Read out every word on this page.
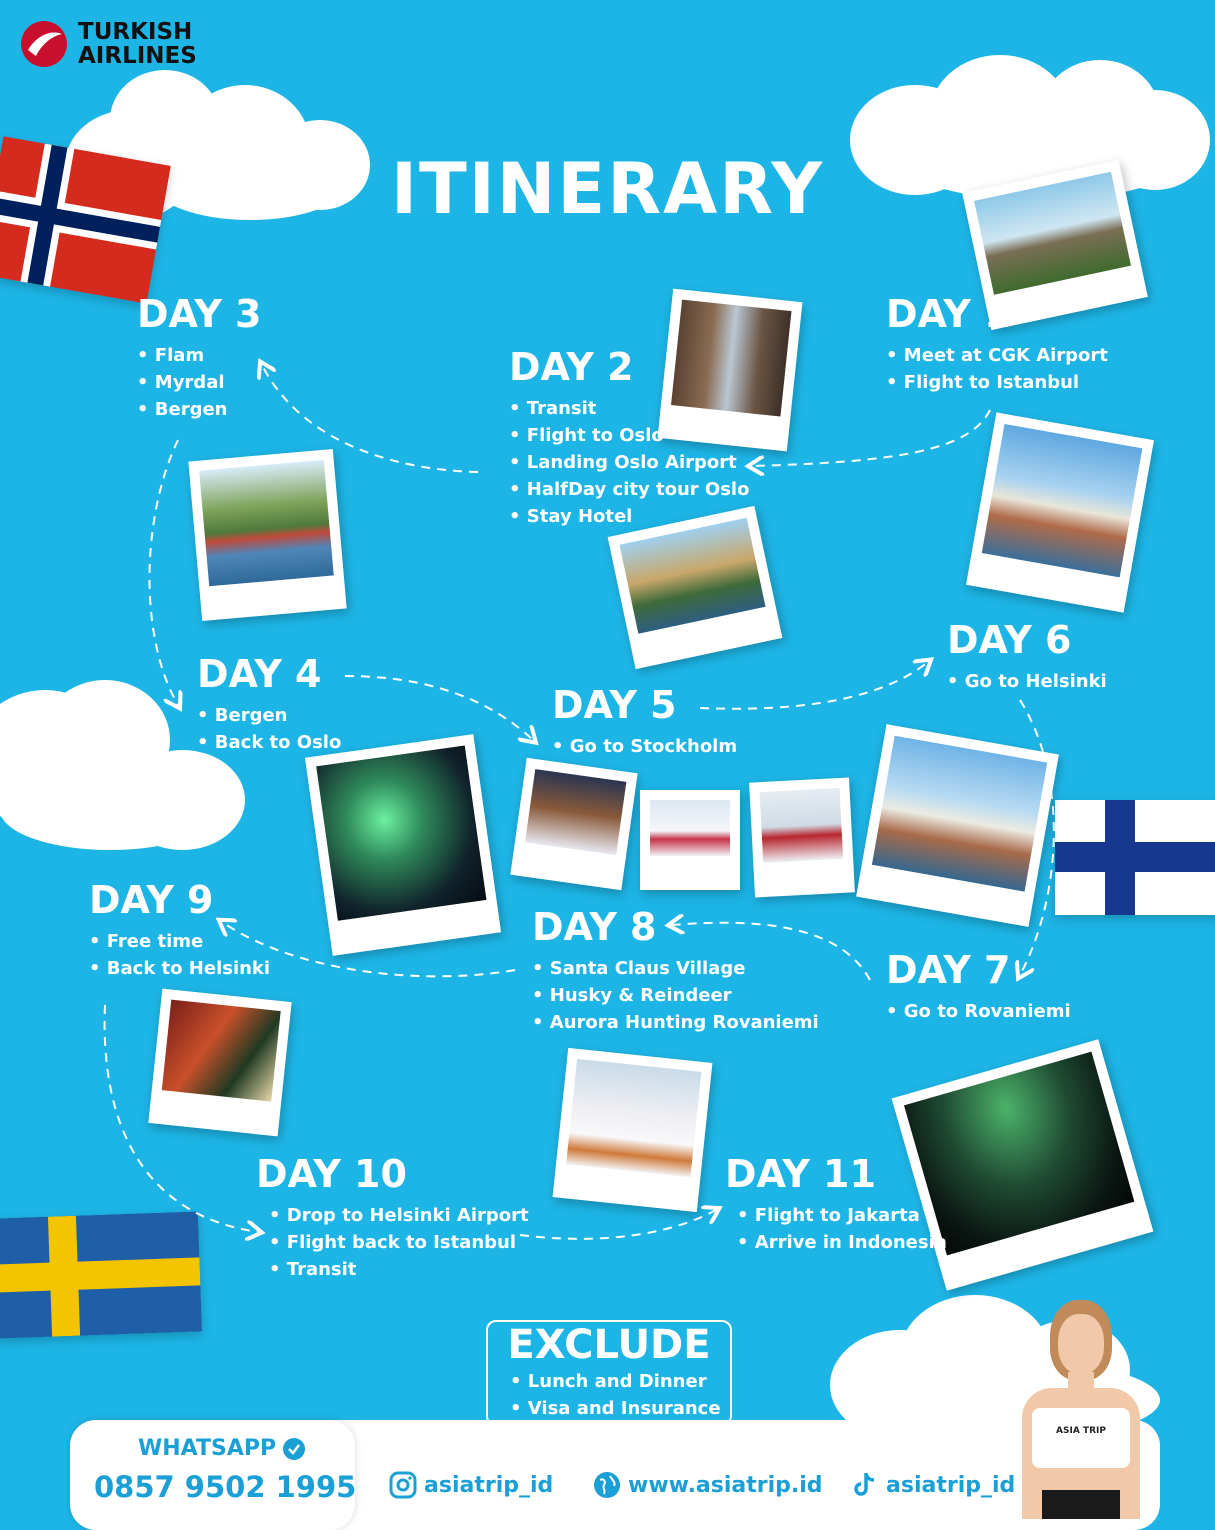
TURKISH
AIRLINES
ITINERARY
DAY 1
• Meet at CGK Airport
• Flight to Istanbul
DAY 2
• Transit
• Flight to Oslo
• Landing Oslo Airport
• HalfDay city tour Oslo
• Stay Hotel
DAY 3
• Flam
• Myrdal
• Bergen
DAY 4
• Bergen
• Back to Oslo
DAY 5
• Go to Stockholm
DAY 6
• Go to Helsinki
DAY 7
• Go to Rovaniemi
DAY 8
• Santa Claus Village
• Husky & Reindeer
• Aurora Hunting Rovaniemi
DAY 9
• Free time
• Back to Helsinki
DAY 10
• Drop to Helsinki Airport
• Flight back to Istanbul
• Transit
DAY 11
• Flight to Jakarta
• Arrive in Indonesia
EXCLUDE
• Lunch and Dinner
• Visa and Insurance
WHATSAPP
0857 9502 1995	asiatrip_id	www.asiatrip.id	asiatrip_id
ASIA TRIP
